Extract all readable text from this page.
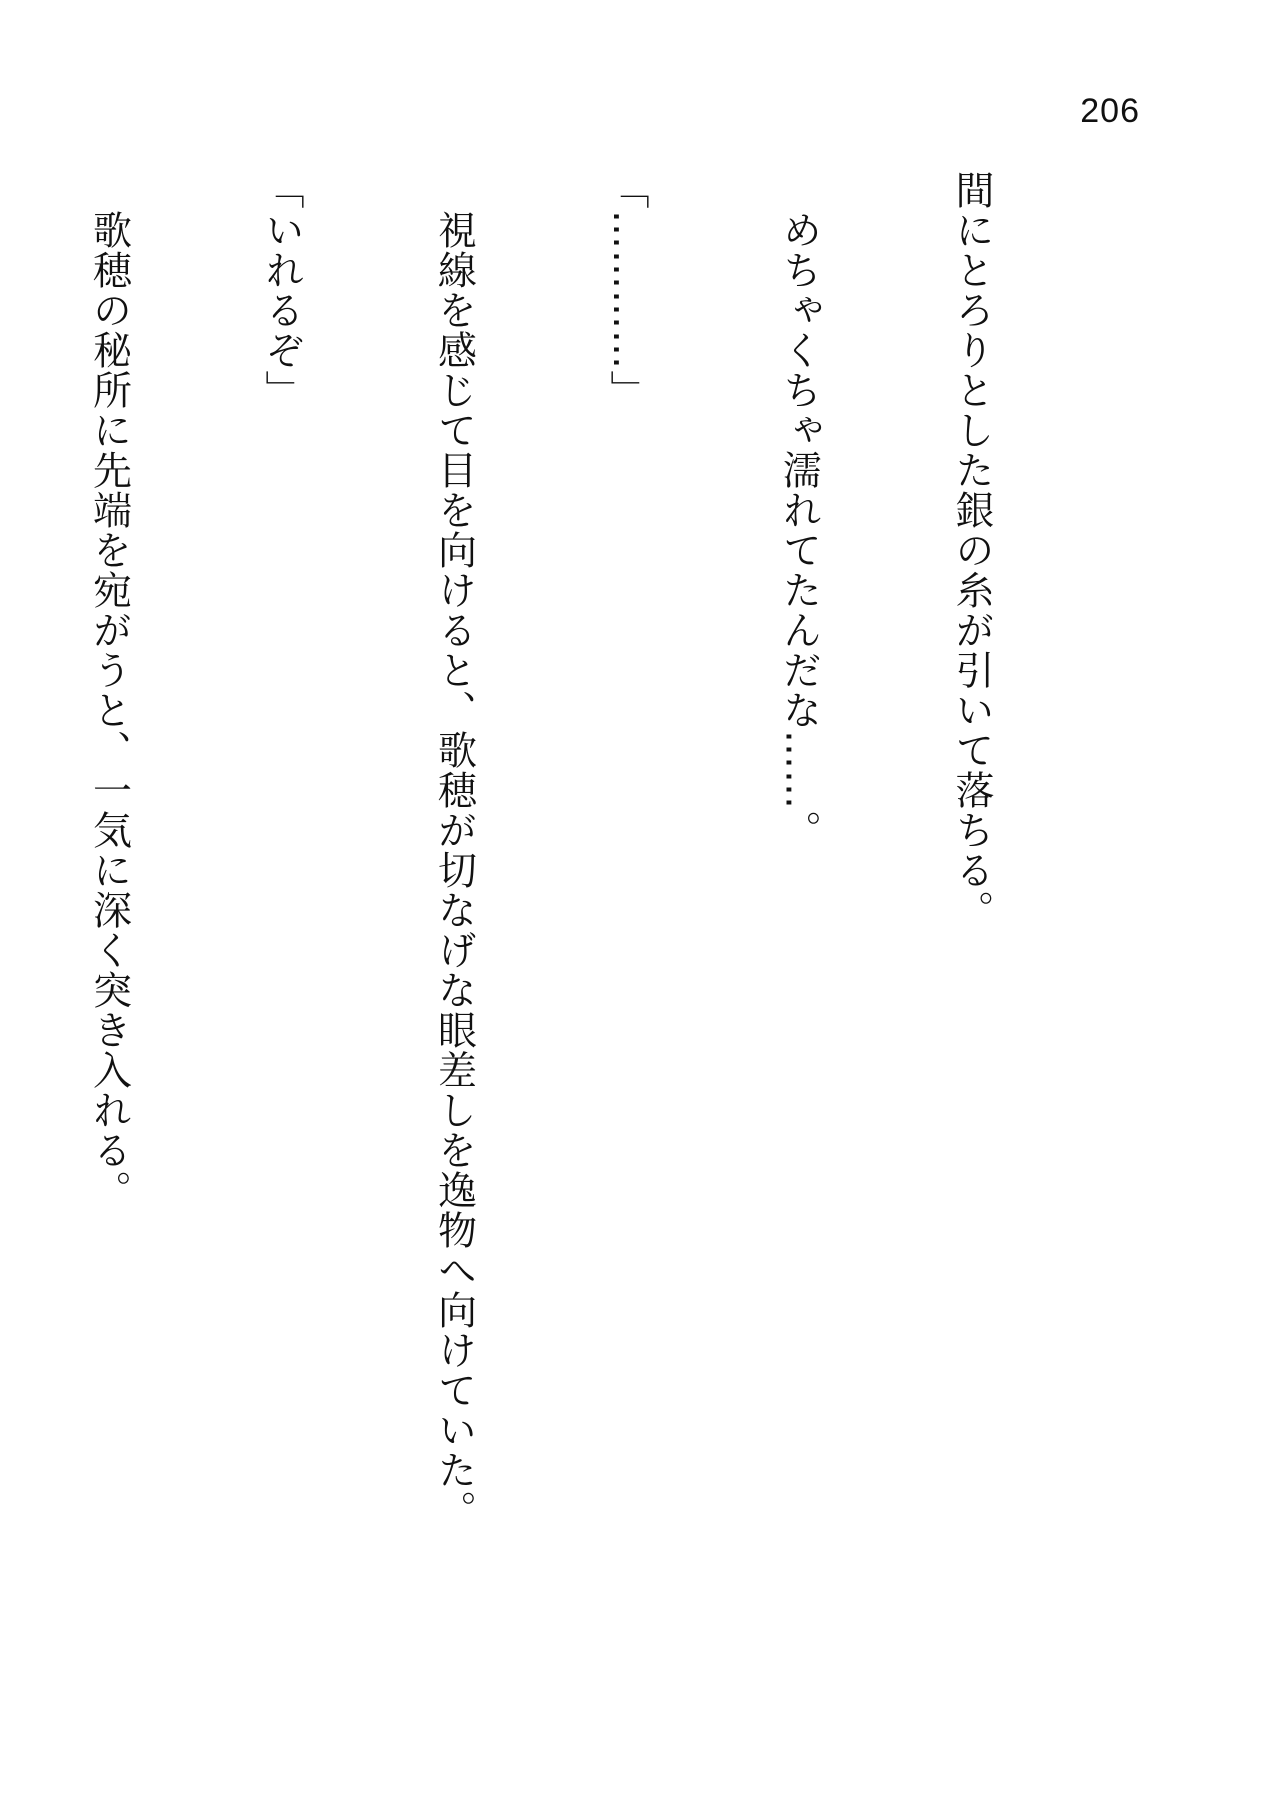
206

間にとろりとした銀の糸が引いて落ちる。

　めちゃくちゃ濡れてたんだな……。

「…………」

　視線を感じて目を向けると、歌穂が切なげな眼差しを逸物へ向けていた。

「いれるぞ」

　歌穂の秘所に先端を宛がうと、一気に深く突き入れる。
